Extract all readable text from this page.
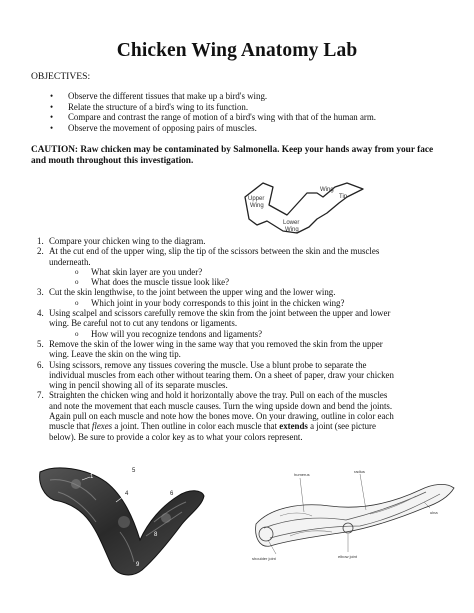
Chicken Wing Anatomy Lab
OBJECTIVES:
• Observe the different tissues that make up a bird's wing.
• Relate the structure of a bird's wing to its function.
• Compare and contrast the range of motion of a bird's wing with that of the human arm.
• Observe the movement of opposing pairs of muscles.
CAUTION: Raw chicken may be contaminated by Salmonella. Keep your hands away from your face and mouth throughout this investigation.
Upper
Wing
Lower
Wing
Wing
Tip
1. Compare your chicken wing to the diagram.
2. At the cut end of the upper wing, slip the tip of the scissors between the skin and the muscles
underneath.
o What skin layer are you under?
o What does the muscle tissue look like?
3. Cut the skin lengthwise, to the joint between the upper wing and the lower wing.
o Which joint in your body corresponds to this joint in the chicken wing?
4. Using scalpel and scissors carefully remove the skin from the joint between the upper and lower
wing. Be careful not to cut any tendons or ligaments.
o How will you recognize tendons and ligaments?
5. Remove the skin of the lower wing in the same way that you removed the skin from the upper
wing. Leave the skin on the wing tip.
6. Using scissors, remove any tissues covering the muscle. Use a blunt probe to separate the
individual muscles from each other without tearing them. On a sheet of paper, draw your chicken
wing in pencil showing all of its separate muscles.
7. Straighten the chicken wing and hold it horizontally above the tray. Pull on each of the muscles
and note the movement that each muscle causes. Turn the wing upside down and bend the joints.
Again pull on each muscle and note how the bones move. On your drawing, outline in color each
muscle that flexes a joint. Then outline in color each muscle that extends a joint (see picture
below). Be sure to provide a color key as to what your colors represent.
1
2
3
4
5
6
7
8
9
humerus
radius
ulna
shoulder joint	elbow joint
